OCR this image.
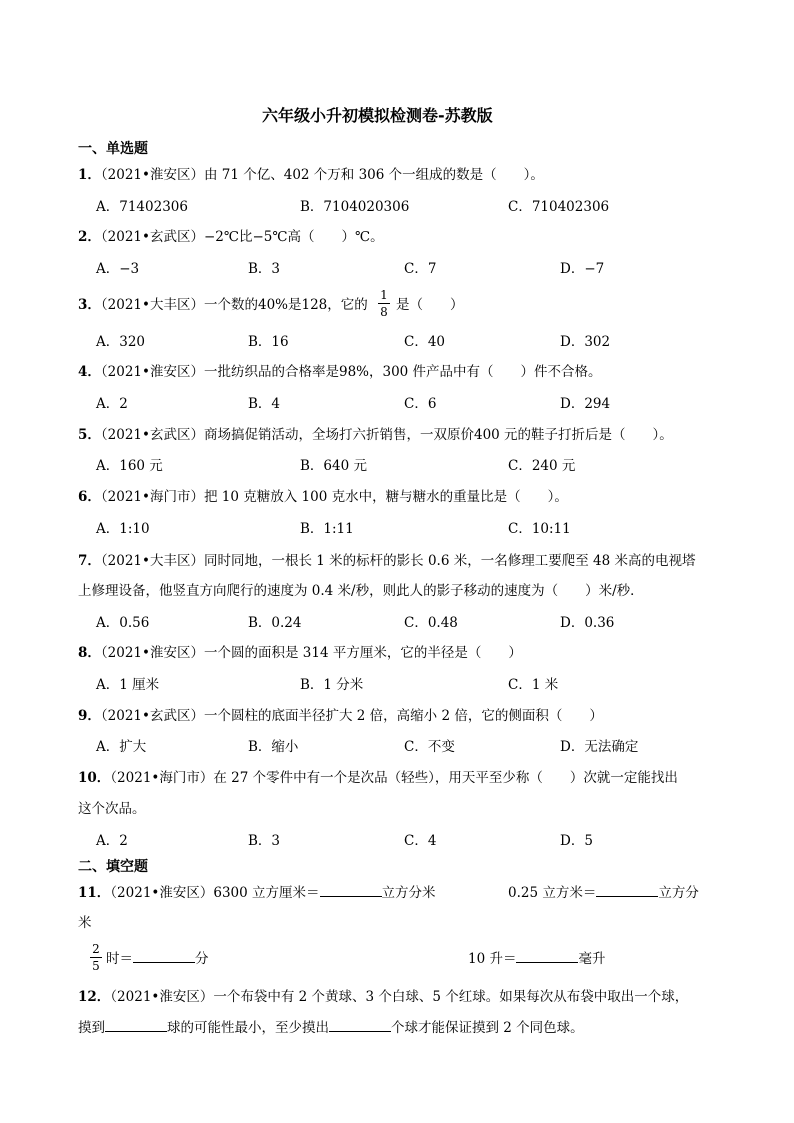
六年级小升初模拟检测卷-苏教版
一、单选题
1．（2021•淮安区）由 71 个亿、402 个万和 306 个一组成的数是（　　）。
A．71402306	B．7104020306	C．710402306
2．（2021•玄武区）−2℃比−5℃高（　　）℃。
A．−3	B．3	C．7	D．−7
3．（2021•大丰区）一个数的40%是128，它的 $\frac{1}{8}$ 是（　　）
A．320	B．16	C．40	D．302
4．（2021•淮安区）一批纺织品的合格率是98%，300 件产品中有（　　）件不合格。
A．2	B．4	C．6	D．294
5．（2021•玄武区）商场搞促销活动，全场打六折销售，一双原价400 元的鞋子打折后是（　　）。
A．160 元	B．640 元	C．240 元
6．（2021•海门市）把 10 克糖放入 100 克水中，糖与糖水的重量比是（　　）。
A．1:10	B．1:11	C．10:11
7．（2021•大丰区）同时同地，一根长 1 米的标杆的影长 0.6 米，一名修理工要爬至 48 米高的电视塔
上修理设备，他竖直方向爬行的速度为 0.4 米/秒，则此人的影子移动的速度为（　　）米/秒．
A．0.56	B．0.24	C．0.48	D．0.36
8．（2021•淮安区）一个圆的面积是 314 平方厘米，它的半径是（　　）
A．1 厘米	B．1 分米	C．1 米
9．（2021•玄武区）一个圆柱的底面半径扩大 2 倍，高缩小 2 倍，它的侧面积（　　）
A．扩大	B．缩小	C．不变	D．无法确定
10．（2021•海门市）在 27 个零件中有一个是次品（轻些），用天平至少称（　　）次就一定能找出
这个次品。
A．2	B．3	C．4	D．5
二、填空题
11．（2021•淮安区）6300 立方厘米＝	立方分米	0.25 立方米＝	立方分
米
$\frac{2}{5}$ 时＝	分	10 升＝	毫升
12．（2021•淮安区）一个布袋中有 2 个黄球、3 个白球、5 个红球。如果每次从布袋中取出一个球，
摸到	球的可能性最小，至少摸出	个球才能保证摸到 2 个同色球。
